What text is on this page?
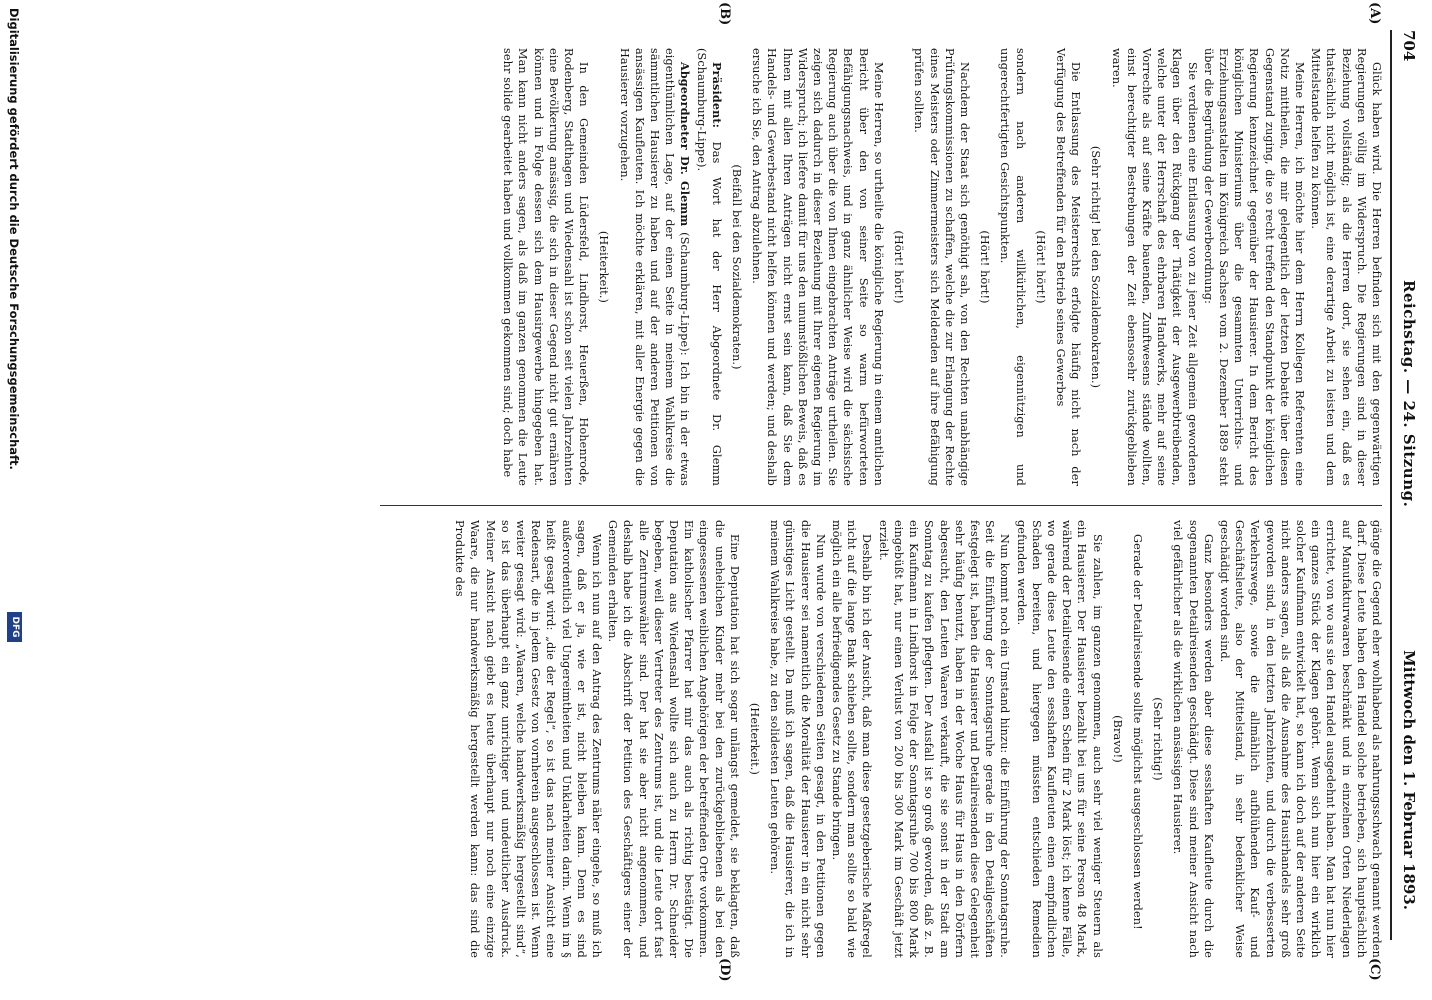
704
Reichstag. — 24. Sitzung.
Mittwoch den 1. Februar 1893.
(A)
(B)
(C)
(D)

Glück haben wird. Die Herren befinden sich mit den gegenwärtigen Regierungen völlig im Widerspruch. Die Regierungen sind in dieser Beziehung vollständig; als die Herren dort, sie sehen ein, daß es thatsächlich nicht möglich ist, eine derartige Arbeit zu leisten und dem Mittelstande helfen zu können.

Meine Herren, ich möchte hier dem Herrn Kollegen Referenten eine Notiz mittheilen, die mir gelegentlich der letzten Debatte über diesen Gegenstand zuging, die so recht treffend den Standpunkt der königlichen Regierung kennzeichnet gegenüber der Hausierer. In dem Bericht des königlichen Ministeriums über die gesammten Unterrichts- und Erziehungsanstalten im Königreich Sachsen vom 2. Dezember 1889 steht über die Begründung der Gewerbeordnung:

Sie verdienen eine Entlassung von zu jener Zeit allgemein gewordenen Klagen über den Rückgang der Thätigkeit der Ausgewerbtreibenden, welche unter der Herrschaft des ehrbaren Handwerks, mehr auf seine Vorrechte als auf seine Kräfte bauenden, Zunftwesens stände wollten, einst berechtigter Bestrebungen der Zeit ebensosehr zurückgeblieben waren.

(Sehr richtig! bei den Sozialdemokraten.)

Die Entlassung des Meisterrechts erfolgte häufig nicht nach der Verfügung des Betreffenden für den Betrieb seines Gewerbes

(Hört! hört!)

sondern nach anderen willkürlichen, eigennützigen und ungerechtfertigten Gesichtspunkten.

(Hört! hört!)

Nachdem der Staat sich genöthigt sah, von den Rechten unabhängige Prüfungskommissionen zu schaffen, welche die zur Erlangung der Rechte eines Meisters oder Zimmermeisters sich Meldenden auf ihre Befähigung prüfen sollten.

(Hört! hört!)

Meine Herren, so urtheilte die königliche Regierung in einem amtlichen Bericht über den von seiner Seite so warm befürworteten Befähigungsnachweis, und in ganz ähnlicher Weise wird die sächsische Regierung auch über die von Ihnen eingebrachten Anträge urtheilen. Sie zeigen sich dadurch in dieser Beziehung mit Ihrer eigenen Regierung im Widerspruch; ich liefere damit für uns den unumstößlichen Beweis, daß es Ihnen mit allen Ihren Anträgen nicht ernst sein kann, daß Sie dem Handels- und Gewerbestand nicht helfen können und werden; und deshalb ersuche ich Sie, den Antrag abzulehnen.

(Beifall bei den Sozialdemokraten.)

Präsident: Das Wort hat der Herr Abgeordnete Dr. Glemm (Schaumburg-Lippe).

Abgeordneter Dr. Glemm (Schaumburg-Lippe): Ich bin in der etwas eigenthümlichen Lage, auf der einen Seite in meinem Wahlkreise die sämmtlichen Hausierer zu haben und auf der anderen Petitionen von ansässigen Kaufleuten. Ich möchte erklären, mit aller Energie gegen die Hausierer vorzugehen.

(Heiterkeit.)

In den Gemeinden Lüdersfeld, Lindhorst, Heuerßen, Hohenrode, Rodenberg, Stadthagen und Wiedensahl ist schon seit vielen Jahrzehnten eine Bevölkerung ansässig, die sich in dieser Gegend nicht gut ernähren können und in Folge dessen sich dem Hausirgewerbe hingegeben hat. Man kann nicht anders sagen, als daß im ganzen genommen die Leute sehr solide gearbeitet haben und vollkommen gekommen sind; doch habe

gänge die Gegend eher wohlhabend als nahrungsschwach genannt werden darf. Diese Leute haben den Handel solche betrieben, sich hauptsächlich auf Manufakturwaaren beschränkt und in einzelnen Orten Niederlagen errichtet, von wo aus sie den Handel ausgedehnt haben. Man hat nun hier ein ganzes Stück der Klagen gehört. Wenn sich nun hier ein wirklich solcher Kaufmann entwickelt hat, so kann ich doch auf der anderen Seite nicht anders sagen, als daß die Ausnahme des Hausirhandels sehr groß geworden sind, in den letzten Jahrzehnten, und durch die verbesserten Verkehrswege, sowie die allmählich aufblühenden Kauf- und Geschäftsleute, also der Mittelstand, in sehr bedenklicher Weise geschädigt worden sind.

Ganz besonders werden aber diese sesshaften Kaufleute durch die sogenannten Detailreisenden geschädigt. Diese sind meiner Ansicht nach viel gefährlicher als die wirklichen ansässigen Hausierer.

(Sehr richtig!)

Gerade der Detailreisende sollte möglichst ausgeschlossen werden!

(Bravo!)

Sie zahlen, im ganzen genommen, auch sehr viel weniger Steuern als ein Hausierer. Der Hausierer bezahlt bei uns für seine Person 48 Mark, während der Detailreisende einen Schein für 2 Mark löst; ich kenne Fälle, wo gerade diese Leute den sesshaften Kaufleuten einen empfindlichen Schaden bereiten, und hiergegen müssten entschieden Remedien gefunden werden.

Nun kommt noch ein Umstand hinzu: die Einführung der Sonntagsruhe. Seit die Einführung der Sonntagsruhe gerade in den Detailgeschäften festgelegt ist, haben die Hausierer und Detailreisenden diese Gelegenheit sehr häufig benutzt, haben in der Woche Haus für Haus in den Dörfern abgesucht, den Leuten Waaren verkauft, die sie sonst in der Stadt am Sonntag zu kaufen pflegten. Der Ausfall ist so groß geworden, daß z. B. ein Kaufmann in Lindhorst in Folge der Sonntagsruhe 700 bis 800 Mark eingebüßt hat, nur einen Verlust von 200 bis 300 Mark im Geschäft jetzt erzielt.

Deshalb bin ich der Ansicht, daß man diese gesetzgeberische Maßregel nicht auf die lange Bank schieben sollte, sondern man sollte so bald wie möglich ein alle befriedigendes Gesetz zu Stande bringen.

Nun wurde von verschiedenen Seiten gesagt, in den Petitionen gegen die Hausierer sei namentlich die Moralität der Hausierer in ein nicht sehr günstiges Licht gestellt. Da muß ich sagen, daß die Hausierer, die ich in meinem Wahlkreise habe, zu den solidesten Leuten gehören.

(Heiterkeit.)

Eine Deputation hat sich sogar unlängst gemeldet, sie beklagten, daß die unehelichen Kinder mehr bei den zurückgebliebenen als bei den eingesessenen weiblichen Angehörigen der betreffenden Orte vorkommen. Ein katholischer Pfarrer hat mir das auch als richtig bestätigt. Die Deputation aus Wiedensahl wollte sich auch zu Herrn Dr. Schneider begeben, weil dieser Vertreter des Zentrums ist, und die Leute dort fast alle Zentrumswähler sind. Der hat sie aber nicht angenommen, und deshalb habe ich die Abschrift der Petition des Geschäftigers einer der Gemeinden erhalten.

Wenn ich nun auf den Antrag des Zentrums näher eingehe, so muß ich sagen, daß er ja, wie er ist, nicht bleiben kann. Denn es sind außerordentlich viel Ungereimtheiten und Unklarheiten darin. Wenn im § heißt gesagt wird: „die der Regel“, so ist das nach meiner Ansicht eine Redensart, die in jedem Gesetz von vornherein ausgeschlossen ist. Wenn weiter gesagt wird: „Waaren, welche handwerksmäßig hergestellt sind“, so ist das überhaupt ein ganz unrichtiger und undeutlicher Ausdruck. Meiner Ansicht nach giebt es heute überhaupt nur noch eine einzige Waare, die nur handwerksmäßig hergestellt werden kann: das sind die Produkte des

Digitalisierung gefördert durch die Deutsche Forschungsgemeinschaft.
DFG
